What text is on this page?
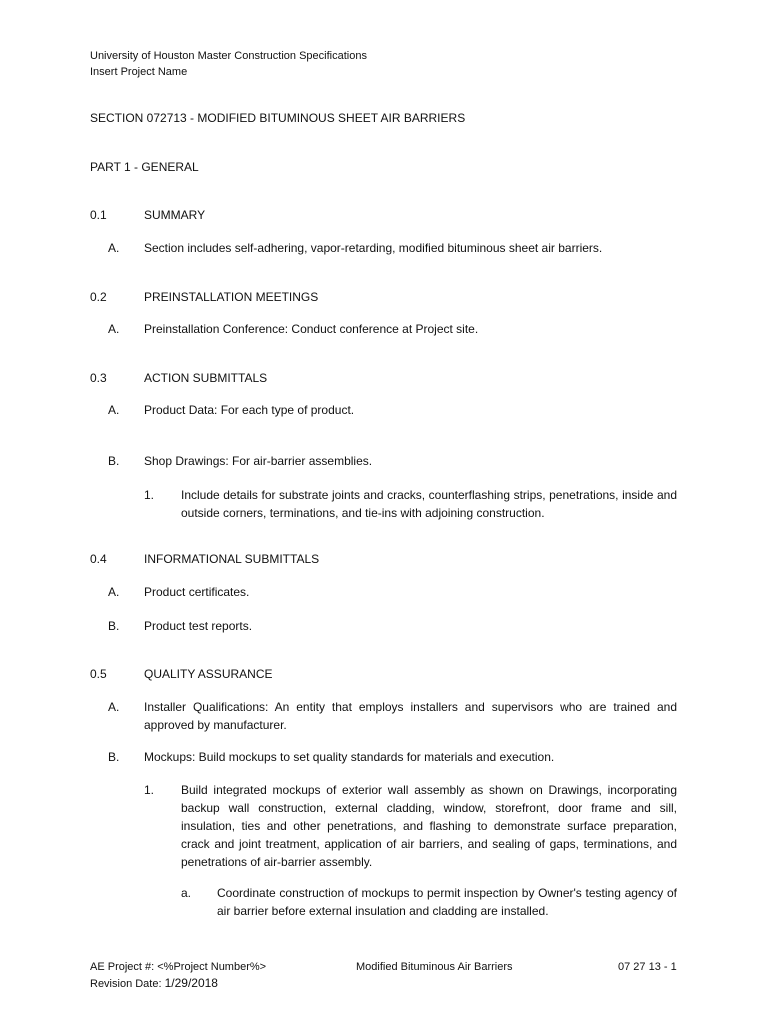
University of Houston Master Construction Specifications
Insert Project Name
SECTION 072713 - MODIFIED BITUMINOUS SHEET AIR BARRIERS
PART 1 - GENERAL
0.1	SUMMARY
A. Section includes self-adhering, vapor-retarding, modified bituminous sheet air barriers.
0.2	PREINSTALLATION MEETINGS
A. Preinstallation Conference: Conduct conference at Project site.
0.3	ACTION SUBMITTALS
A. Product Data: For each type of product.
B. Shop Drawings: For air-barrier assemblies.
1. Include details for substrate joints and cracks, counterflashing strips, penetrations, inside and outside corners, terminations, and tie-ins with adjoining construction.
0.4	INFORMATIONAL SUBMITTALS
A. Product certificates.
B. Product test reports.
0.5	QUALITY ASSURANCE
A. Installer Qualifications: An entity that employs installers and supervisors who are trained and approved by manufacturer.
B. Mockups: Build mockups to set quality standards for materials and execution.
1. Build integrated mockups of exterior wall assembly as shown on Drawings, incorporating backup wall construction, external cladding, window, storefront, door frame and sill, insulation, ties and other penetrations, and flashing to demonstrate surface preparation, crack and joint treatment, application of air barriers, and sealing of gaps, terminations, and penetrations of air-barrier assembly.
a. Coordinate construction of mockups to permit inspection by Owner's testing agency of air barrier before external insulation and cladding are installed.
AE Project #: <%Project Number%>	Modified Bituminous Air Barriers	07 27 13 - 1
Revision Date: 1/29/2018
